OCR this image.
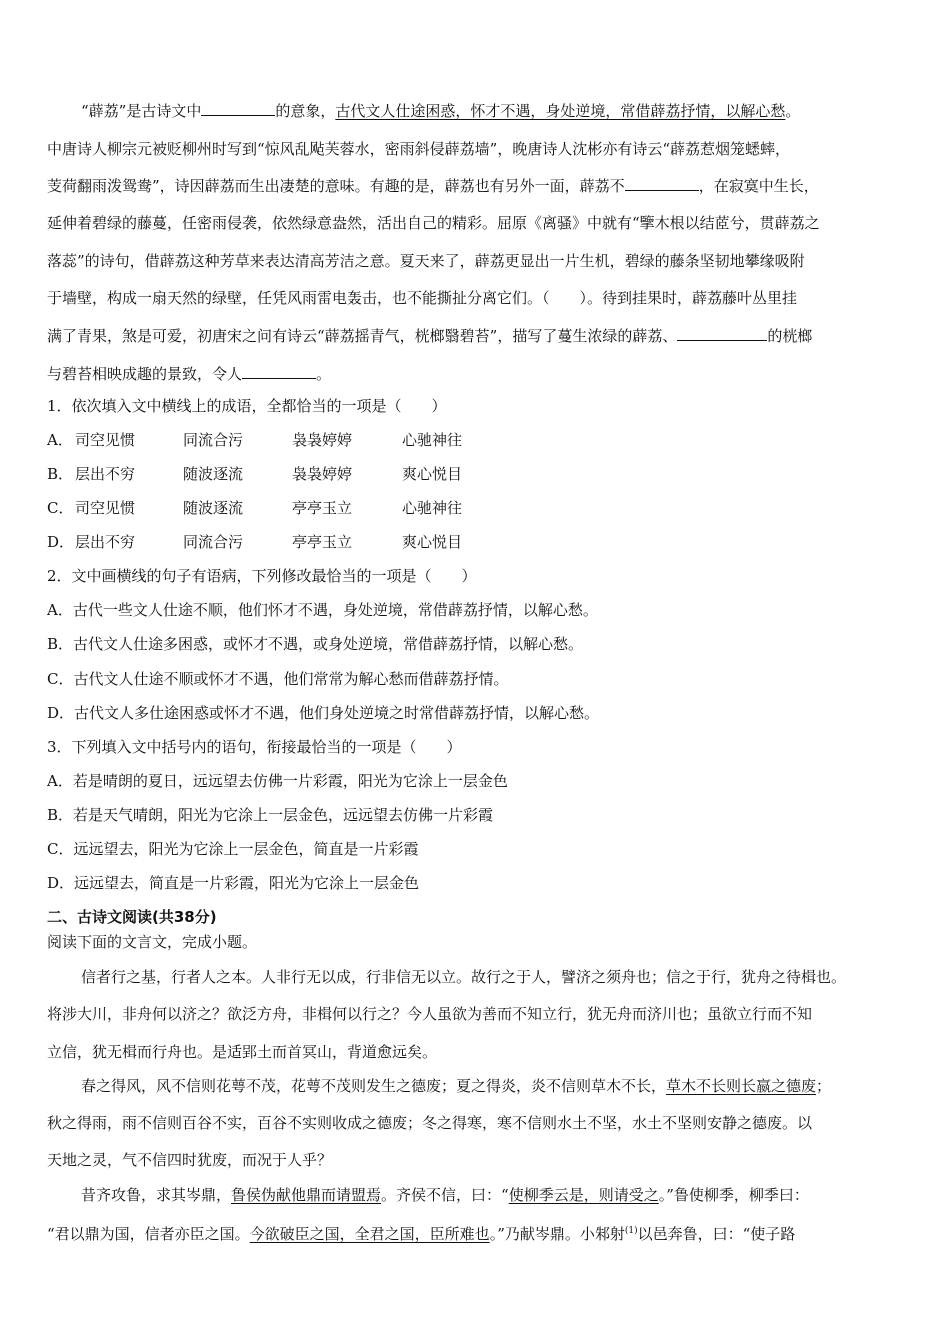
“薜荔”是古诗文中	的意象，古代文人仕途困惑，怀才不遇，身处逆境，常借薜荔抒情，以解心愁。
中唐诗人柳宗元被贬柳州时写到“惊风乱飐芙蓉水，密雨斜侵薜荔墙”，晚唐诗人沈彬亦有诗云“薜荔惹烟笼蟋蟀，
芰荷翻雨泼鸳鸯”，诗因薜荔而生出凄楚的意味。有趣的是，薜荔也有另外一面，薜荔不	，在寂寞中生长，
延伸着碧绿的藤蔓，任密雨侵袭，依然绿意盎然，活出自己的精彩。屈原《离骚》中就有“擥木根以结茝兮，贯薜荔之
落蕊”的诗句，借薜荔这种芳草来表达清高芳洁之意。夏天来了，薜荔更显出一片生机，碧绿的藤条坚韧地攀缘吸附
于墙壁，构成一扇天然的绿壁，任凭风雨雷电轰击，也不能撕扯分离它们。（　　）。待到挂果时，薜荔藤叶丛里挂
满了青果，煞是可爱，初唐宋之问有诗云“薜荔摇青气，桄榔翳碧苔”，描写了蔓生浓绿的薜荔、	的桄榔
与碧苔相映成趣的景致，令人	。
1．依次填入文中横线上的成语，全都恰当的一项是（　　）
A． 司空见惯	同流合污	袅袅婷婷	心驰神往
B． 层出不穷	随波逐流	袅袅婷婷	爽心悦目
C． 司空见惯	随波逐流	亭亭玉立	心驰神往
D． 层出不穷	同流合污	亭亭玉立	爽心悦目
2．文中画横线的句子有语病，下列修改最恰当的一项是（　　）
A．古代一些文人仕途不顺，他们怀才不遇，身处逆境，常借薜荔抒情，以解心愁。
B．古代文人仕途多困惑，或怀才不遇，或身处逆境，常借薜荔抒情，以解心愁。
C．古代文人仕途不顺或怀才不遇，他们常常为解心愁而借薜荔抒情。
D．古代文人多仕途困惑或怀才不遇，他们身处逆境之时常借薜荔抒情，以解心愁。
3．下列填入文中括号内的语句，衔接最恰当的一项是（　　）
A．若是晴朗的夏日，远远望去仿佛一片彩霞，阳光为它涂上一层金色
B．若是天气晴朗，阳光为它涂上一层金色，远远望去仿佛一片彩霞
C．远远望去，阳光为它涂上一层金色，简直是一片彩霞
D．远远望去，简直是一片彩霞，阳光为它涂上一层金色
二、古诗文阅读(共38分)
阅读下面的文言文，完成小题。
信者行之基，行者人之本。人非行无以成，行非信无以立。故行之于人，譬济之须舟也；信之于行，犹舟之待楫也。
将涉大川，非舟何以济之？欲泛方舟，非楫何以行之？今人虽欲为善而不知立行，犹无舟而济川也；虽欲立行而不知
立信，犹无楫而行舟也。是适郢土而首冥山，背道愈远矣。
春之得风，风不信则花萼不茂，花萼不茂则发生之德废；夏之得炎，炎不信则草木不长，草木不长则长嬴之德废；
秋之得雨，雨不信则百谷不实，百谷不实则收成之德废；冬之得寒，寒不信则水土不坚，水土不坚则安静之德废。以
天地之灵，气不信四时犹废，而况于人乎？
昔齐攻鲁，求其岑鼎，鲁侯伪献他鼎而请盟焉。齐侯不信，曰：“使柳季云是，则请受之。”鲁使柳季，柳季曰：
“君以鼎为国，信者亦臣之国。今欲破臣之国，全君之国，臣所难也。”乃献岑鼎。小邾射$^{(1)}$以邑奔鲁，曰：“使子路
